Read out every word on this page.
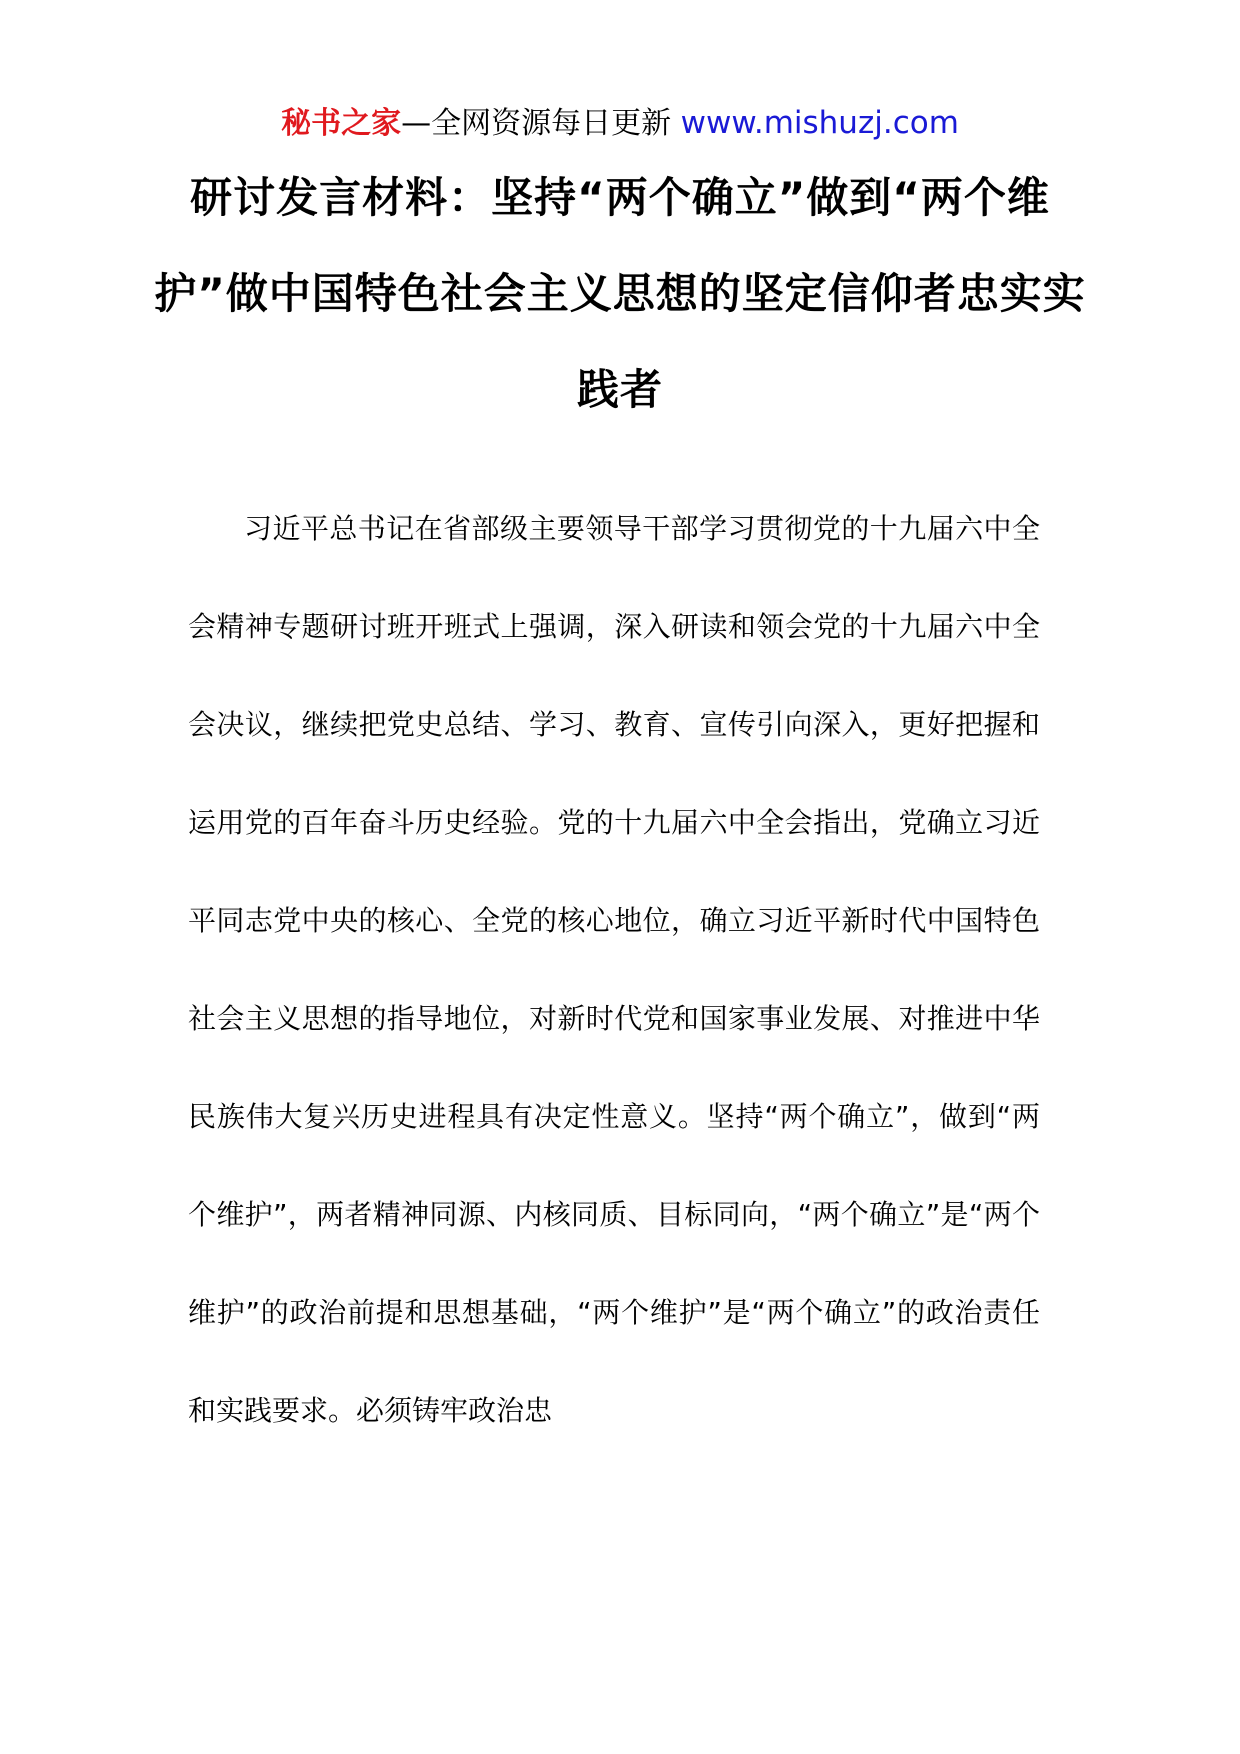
秘书之家—全网资源每日更新 www.mishuzj.com
研讨发言材料：坚持“两个确立”做到“两个维护”做中国特色社会主义思想的坚定信仰者忠实实践者

习近平总书记在省部级主要领导干部学习贯彻党的十九届六中全会精神专题研讨班开班式上强调，深入研读和领会党的十九届六中全会决议，继续把党史总结、学习、教育、宣传引向深入，更好把握和运用党的百年奋斗历史经验。党的十九届六中全会指出，党确立习近平同志党中央的核心、全党的核心地位，确立习近平新时代中国特色社会主义思想的指导地位，对新时代党和国家事业发展、对推进中华民族伟大复兴历史进程具有决定性意义。坚持“两个确立”，做到“两个维护”，两者精神同源、内核同质、目标同向，“两个确立”是“两个维护”的政治前提和思想基础，“两个维护”是“两个确立”的政治责任和实践要求。必须铸牢政治忠
